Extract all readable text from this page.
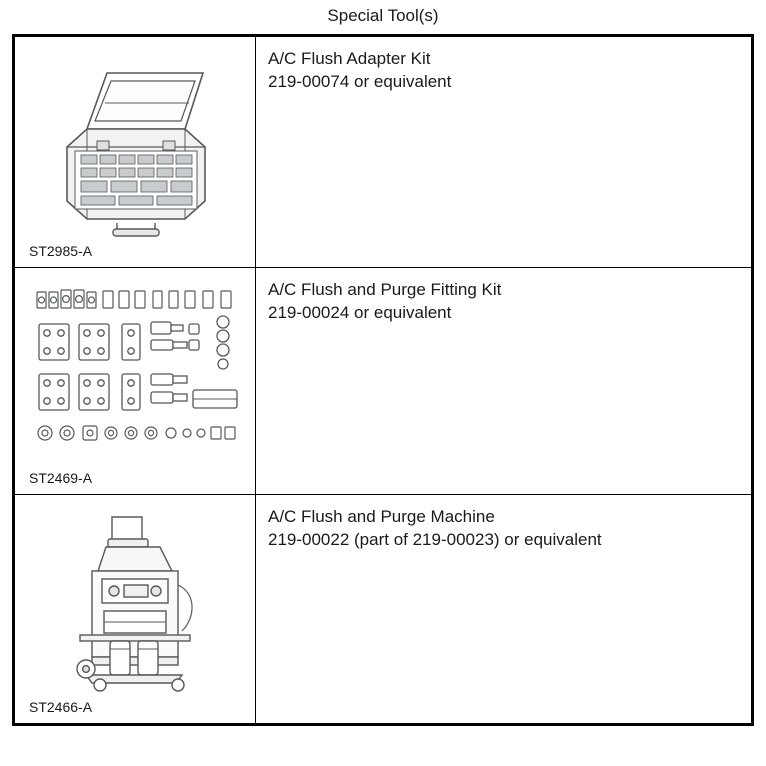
Special Tool(s)
ST2985-A	A/C Flush Adapter Kit
219-00074 or equivalent

ST2469-A	A/C Flush and Purge Fitting Kit
219-00024 or equivalent

ST2466-A	A/C Flush and Purge Machine
219-00022 (part of 219-00023) or equivalent
